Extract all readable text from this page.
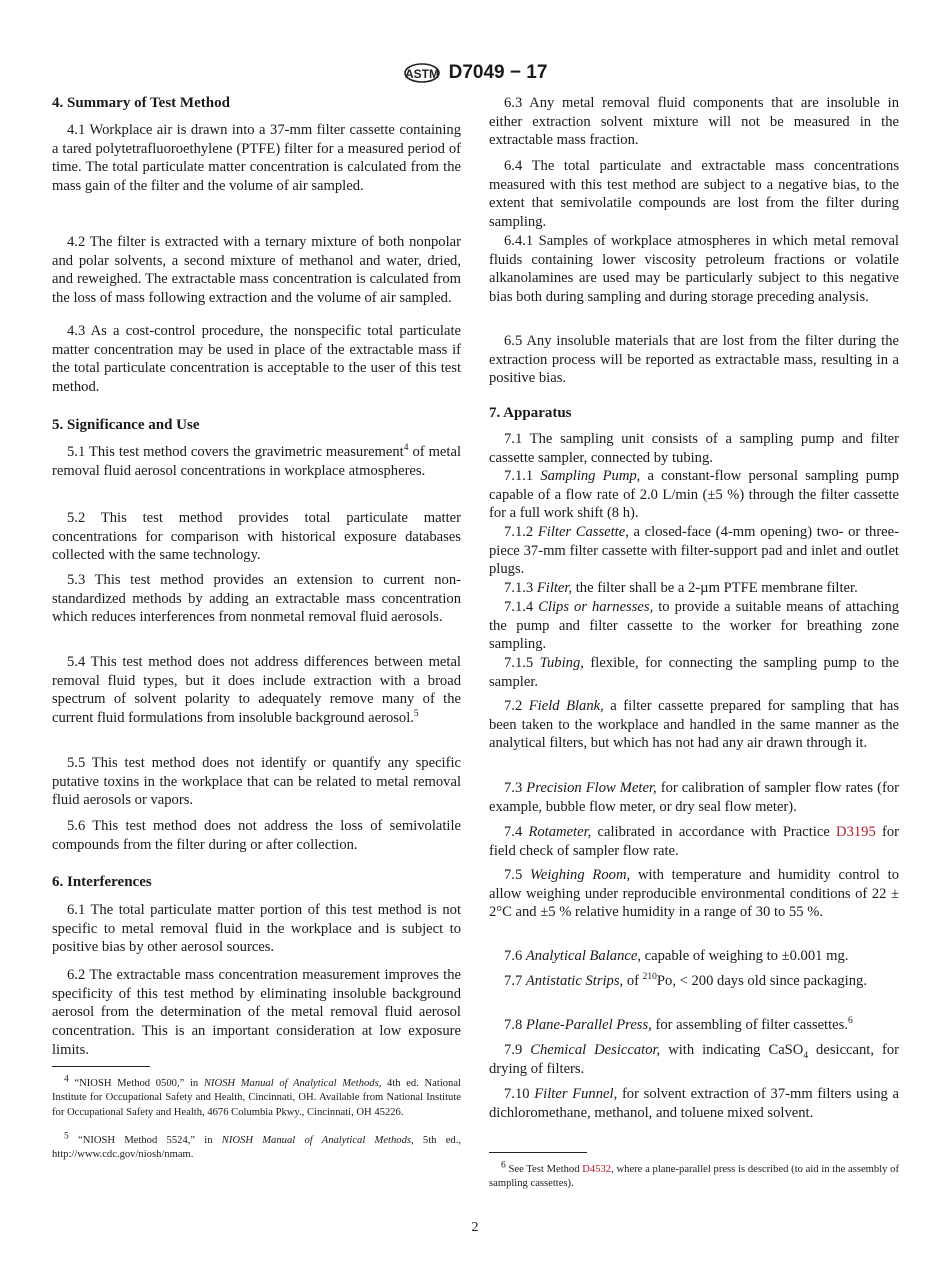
ASTM D7049 − 17

4. Summary of Test Method

4.1 Workplace air is drawn into a 37-mm filter cassette containing a tared polytetrafluoroethylene (PTFE) filter for a measured period of time. The total particulate matter concentration is calculated from the mass gain of the filter and the volume of air sampled.

4.2 The filter is extracted with a ternary mixture of both nonpolar and polar solvents, a second mixture of methanol and water, dried, and reweighed. The extractable mass concentration is calculated from the loss of mass following extraction and the volume of air sampled.

4.3 As a cost-control procedure, the nonspecific total particulate matter concentration may be used in place of the extractable mass if the total particulate concentration is acceptable to the user of this test method.

5. Significance and Use

5.1 This test method covers the gravimetric measurement$^4$ of metal removal fluid aerosol concentrations in workplace atmospheres.

5.2 This test method provides total particulate matter concentrations for comparison with historical exposure databases collected with the same technology.

5.3 This test method provides an extension to current non-standardized methods by adding an extractable mass concentration which reduces interferences from nonmetal removal fluid aerosols.

5.4 This test method does not address differences between metal removal fluid types, but it does include extraction with a broad spectrum of solvent polarity to adequately remove many of the current fluid formulations from insoluble background aerosol.$^5$

5.5 This test method does not identify or quantify any specific putative toxins in the workplace that can be related to metal removal fluid aerosols or vapors.

5.6 This test method does not address the loss of semivolatile compounds from the filter during or after collection.

6. Interferences

6.1 The total particulate matter portion of this test method is not specific to metal removal fluid in the workplace and is subject to positive bias by other aerosol sources.

6.2 The extractable mass concentration measurement improves the specificity of this test method by eliminating insoluble background aerosol from the determination of the metal removal fluid aerosol concentration. This is an important consideration at low exposure limits.

6.3 Any metal removal fluid components that are insoluble in either extraction solvent mixture will not be measured in the extractable mass fraction.

6.4 The total particulate and extractable mass concentrations measured with this test method are subject to a negative bias, to the extent that semivolatile compounds are lost from the filter during sampling.

6.4.1 Samples of workplace atmospheres in which metal removal fluids containing lower viscosity petroleum fractions or volatile alkanolamines are used may be particularly subject to this negative bias both during sampling and during storage preceding analysis.

6.5 Any insoluble materials that are lost from the filter during the extraction process will be reported as extractable mass, resulting in a positive bias.

7. Apparatus

7.1 The sampling unit consists of a sampling pump and filter cassette sampler, connected by tubing.

7.1.1 Sampling Pump, a constant-flow personal sampling pump capable of a flow rate of 2.0 L/min (±5 %) through the filter cassette for a full work shift (8 h).

7.1.2 Filter Cassette, a closed-face (4-mm opening) two- or three-piece 37-mm filter cassette with filter-support pad and inlet and outlet plugs.

7.1.3 Filter, the filter shall be a 2-µm PTFE membrane filter.

7.1.4 Clips or harnesses, to provide a suitable means of attaching the pump and filter cassette to the worker for breathing zone sampling.

7.1.5 Tubing, flexible, for connecting the sampling pump to the sampler.

7.2 Field Blank, a filter cassette prepared for sampling that has been taken to the workplace and handled in the same manner as the analytical filters, but which has not had any air drawn through it.

7.3 Precision Flow Meter, for calibration of sampler flow rates (for example, bubble flow meter, or dry seal flow meter).

7.4 Rotameter, calibrated in accordance with Practice D3195 for field check of sampler flow rate.

7.5 Weighing Room, with temperature and humidity control to allow weighing under reproducible environmental conditions of 22 ± 2°C and ±5 % relative humidity in a range of 30 to 55 %.

7.6 Analytical Balance, capable of weighing to ±0.001 mg.

7.7 Antistatic Strips, of $^{210}$Po, < 200 days old since packaging.

7.8 Plane-Parallel Press, for assembling of filter cassettes.$^6$

7.9 Chemical Desiccator, with indicating CaSO$_4$ desiccant, for drying of filters.

7.10 Filter Funnel, for solvent extraction of 37-mm filters using a dichloromethane, methanol, and toluene mixed solvent.

$^4$ “NIOSH Method 0500,” in NIOSH Manual of Analytical Methods, 4th ed. National Institute for Occupational Safety and Health, Cincinnati, OH. Available from National Institute for Occupational Safety and Health, 4676 Columbia Pkwy., Cincinnati, OH 45226.

$^5$ “NIOSH Method 5524,” in NIOSH Manual of Analytical Methods, 5th ed., http://www.cdc.gov/niosh/nmam.

$^6$ See Test Method D4532, where a plane-parallel press is described (to aid in the assembly of sampling cassettes).

2
